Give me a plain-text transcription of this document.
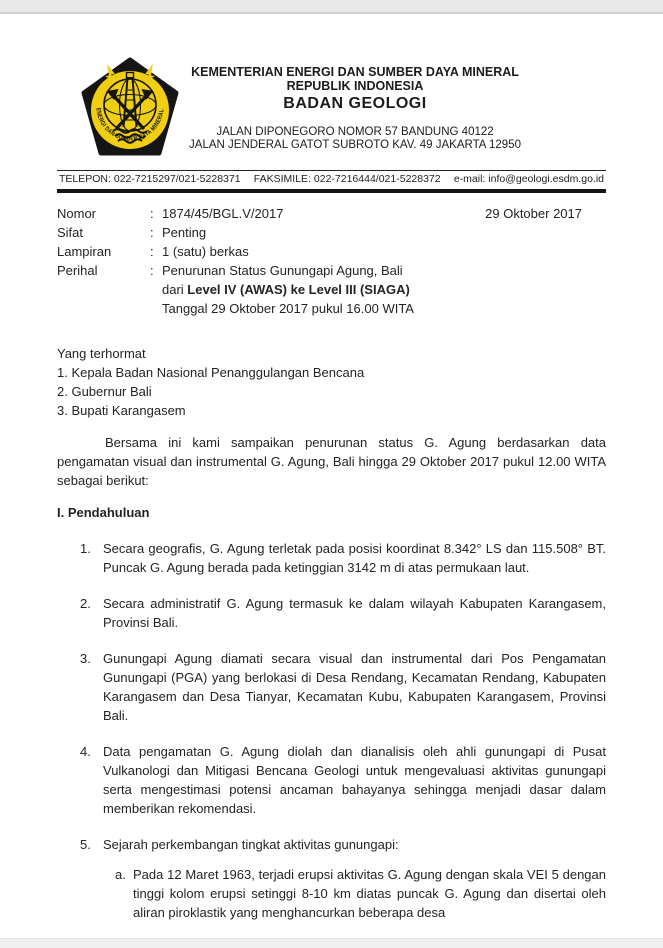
ENERGI DAN SUMBER DAYA MINERAL
KEMENTERIAN ENERGI DAN SUMBER DAYA MINERAL
REPUBLIK INDONESIA
BADAN GEOLOGI
JALAN DIPONEGORO NOMOR 57 BANDUNG 40122
JALAN JENDERAL GATOT SUBROTO KAV. 49 JAKARTA 12950
TELEPON: 022-7215297/021-5228371 FAKSIMILE: 022-7216444/021-5228372 e-mail: info@geologi.esdm.go.id
29 Oktober 2017
Nomor	: 1874/45/BGL.V/2017
Sifat	: Penting
Lampiran	: 1 (satu) berkas
Perihal	: Penurunan Status Gunungapi Agung, Bali
dari Level IV (AWAS) ke Level III (SIAGA)
Tanggal 29 Oktober 2017 pukul 16.00 WITA
Yang terhormat
1. Kepala Badan Nasional Penanggulangan Bencana
2. Gubernur Bali
3. Bupati Karangasem

Bersama ini kami sampaikan penurunan status G. Agung berdasarkan data pengamatan visual dan instrumental G. Agung, Bali hingga 29 Oktober 2017 pukul 12.00 WITA sebagai berikut:

I. Pendahuluan
1. Secara geografis, G. Agung terletak pada posisi koordinat 8.342° LS dan 115.508° BT. Puncak G. Agung berada pada ketinggian 3142 m di atas permukaan laut.
2. Secara administratif G. Agung termasuk ke dalam wilayah Kabupaten Karangasem, Provinsi Bali.
3. Gunungapi Agung diamati secara visual dan instrumental dari Pos Pengamatan Gunungapi (PGA) yang berlokasi di Desa Rendang, Kecamatan Rendang, Kabupaten Karangasem dan Desa Tianyar, Kecamatan Kubu, Kabupaten Karangasem, Provinsi Bali.
4. Data pengamatan G. Agung diolah dan dianalisis oleh ahli gunungapi di Pusat Vulkanologi dan Mitigasi Bencana Geologi untuk mengevaluasi aktivitas gunungapi serta mengestimasi potensi ancaman bahayanya sehingga menjadi dasar dalam memberikan rekomendasi.
5. Sejarah perkembangan tingkat aktivitas gunungapi:
a. Pada 12 Maret 1963, terjadi erupsi aktivitas G. Agung dengan skala VEI 5 dengan tinggi kolom erupsi setinggi 8-10 km diatas puncak G. Agung dan disertai oleh aliran piroklastik yang menghancurkan beberapa desa
